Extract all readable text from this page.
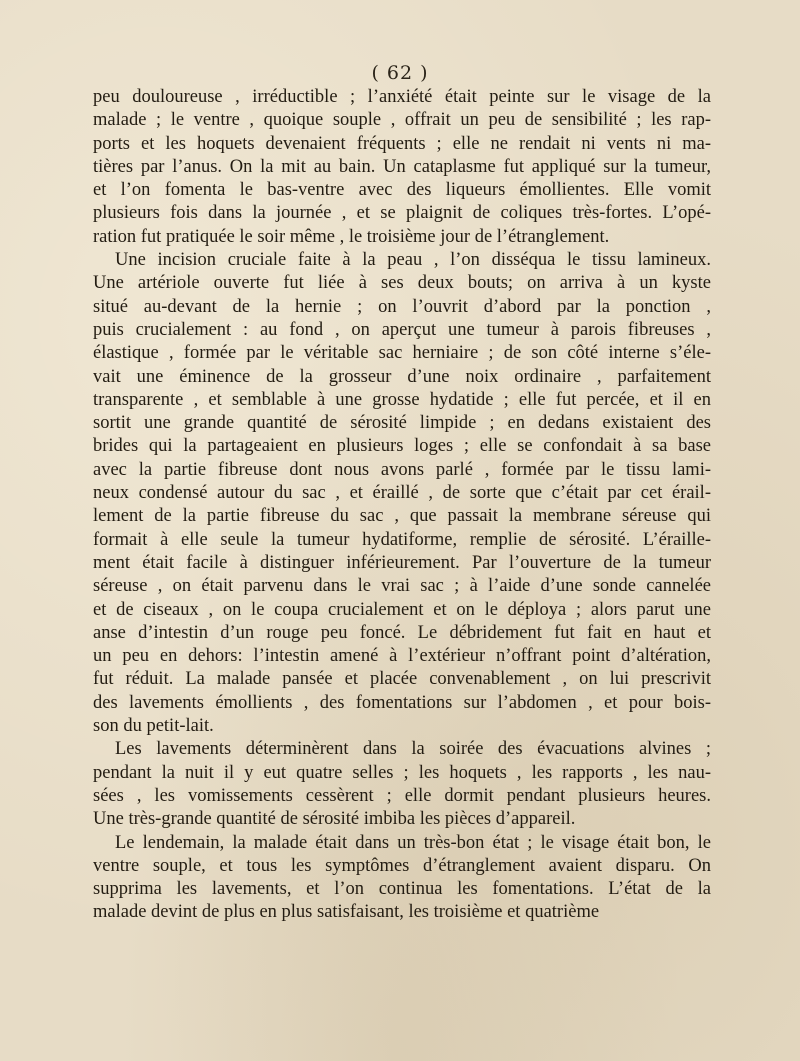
( 62 )
peu douloureuse , irréductible ; l’anxiété était peinte sur le visage de la
malade ; le ventre , quoique souple , offrait un peu de sensibilité ; les rap-
ports et les hoquets devenaient fréquents ; elle ne rendait ni vents ni ma-
tières par l’anus. On la mit au bain. Un cataplasme fut appliqué sur la tumeur,
et l’on fomenta le bas-ventre avec des liqueurs émollientes. Elle vomit
plusieurs fois dans la journée , et se plaignit de coliques très-fortes. L’opé-
ration fut pratiquée le soir même , le troisième jour de l’étranglement.
Une incision cruciale faite à la peau , l’on disséqua le tissu lamineux.
Une artériole ouverte fut liée à ses deux bouts; on arriva à un kyste
situé au-devant de la hernie ; on l’ouvrit d’abord par la ponction ,
puis crucialement : au fond , on aperçut une tumeur à parois fibreuses ,
élastique , formée par le véritable sac herniaire ; de son côté interne s’éle-
vait une éminence de la grosseur d’une noix ordinaire , parfaitement
transparente , et semblable à une grosse hydatide ; elle fut percée, et il en
sortit une grande quantité de sérosité limpide ; en dedans existaient des
brides qui la partageaient en plusieurs loges ; elle se confondait à sa base
avec la partie fibreuse dont nous avons parlé , formée par le tissu lami-
neux condensé autour du sac , et éraillé , de sorte que c’était par cet érail-
lement de la partie fibreuse du sac , que passait la membrane séreuse qui
formait à elle seule la tumeur hydatiforme, remplie de sérosité. L’éraille-
ment était facile à distinguer inférieurement. Par l’ouverture de la tumeur
séreuse , on était parvenu dans le vrai sac ; à l’aide d’une sonde cannelée
et de ciseaux , on le coupa crucialement et on le déploya ; alors parut une
anse d’intestin d’un rouge peu foncé. Le débridement fut fait en haut et
un peu en dehors: l’intestin amené à l’extérieur n’offrant point d’altération,
fut réduit. La malade pansée et placée convenablement , on lui prescrivit
des lavements émollients , des fomentations sur l’abdomen , et pour bois-
son du petit-lait.
Les lavements déterminèrent dans la soirée des évacuations alvines ;
pendant la nuit il y eut quatre selles ; les hoquets , les rapports , les nau-
sées , les vomissements cessèrent ; elle dormit pendant plusieurs heures.
Une très-grande quantité de sérosité imbiba les pièces d’appareil.
Le lendemain, la malade était dans un très-bon état ; le visage était bon, le
ventre souple, et tous les symptômes d’étranglement avaient disparu. On
supprima les lavements, et l’on continua les fomentations. L’état de la
malade devint de plus en plus satisfaisant, les troisième et quatrième
